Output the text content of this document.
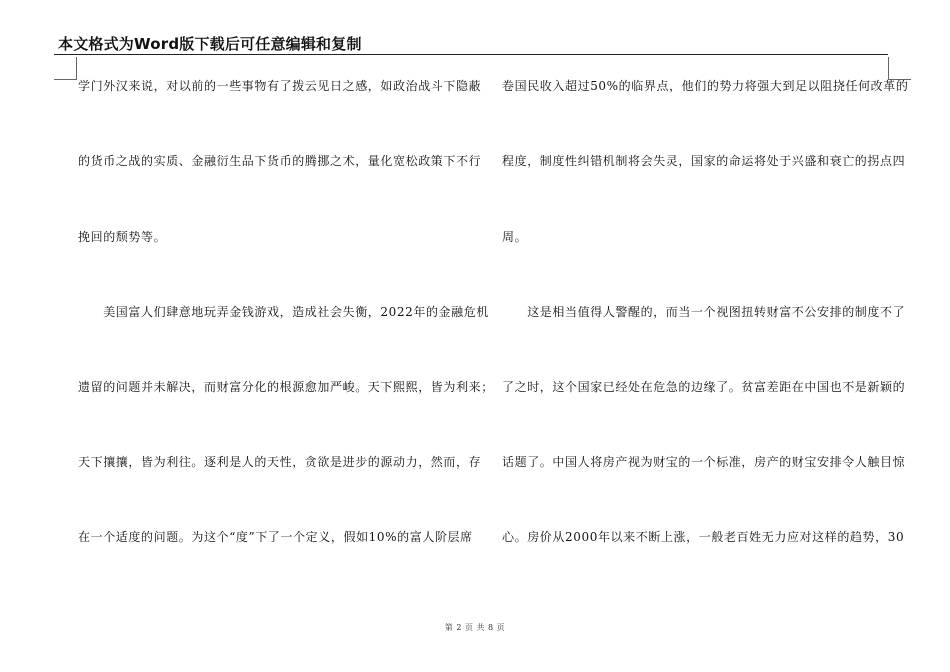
本文格式为Word版下载后可任意编辑和复制
学门外汉来说，对以前的一些事物有了拨云见日之感，如政治战斗下隐蔽
的货币之战的实质、金融衍生品下货币的腾挪之术，量化宽松政策下不行
挽回的颓势等。
　　美国富人们肆意地玩弄金钱游戏，造成社会失衡，2022年的金融危机
遗留的问题并未解决，而财富分化的根源愈加严峻。天下熙熙，皆为利来；
天下攘攘，皆为利往。逐利是人的天性，贪欲是进步的源动力，然而，存
在一个适度的问题。为这个“度”下了一个定义，假如10%的富人阶层席
卷国民收入超过50%的临界点，他们的势力将强大到足以阻挠任何改革的
程度，制度性纠错机制将会失灵，国家的命运将处于兴盛和衰亡的拐点四
周。
　　这是相当值得人警醒的，而当一个视图扭转财富不公安排的制度不了
了之时，这个国家已经处在危急的边缘了。贫富差距在中国也不是新颖的
话题了。中国人将房产视为财宝的一个标准，房产的财宝安排令人触目惊
心。房价从2000年以来不断上涨，一般老百姓无力应对这样的趋势，30
第 2 页 共 8 页
